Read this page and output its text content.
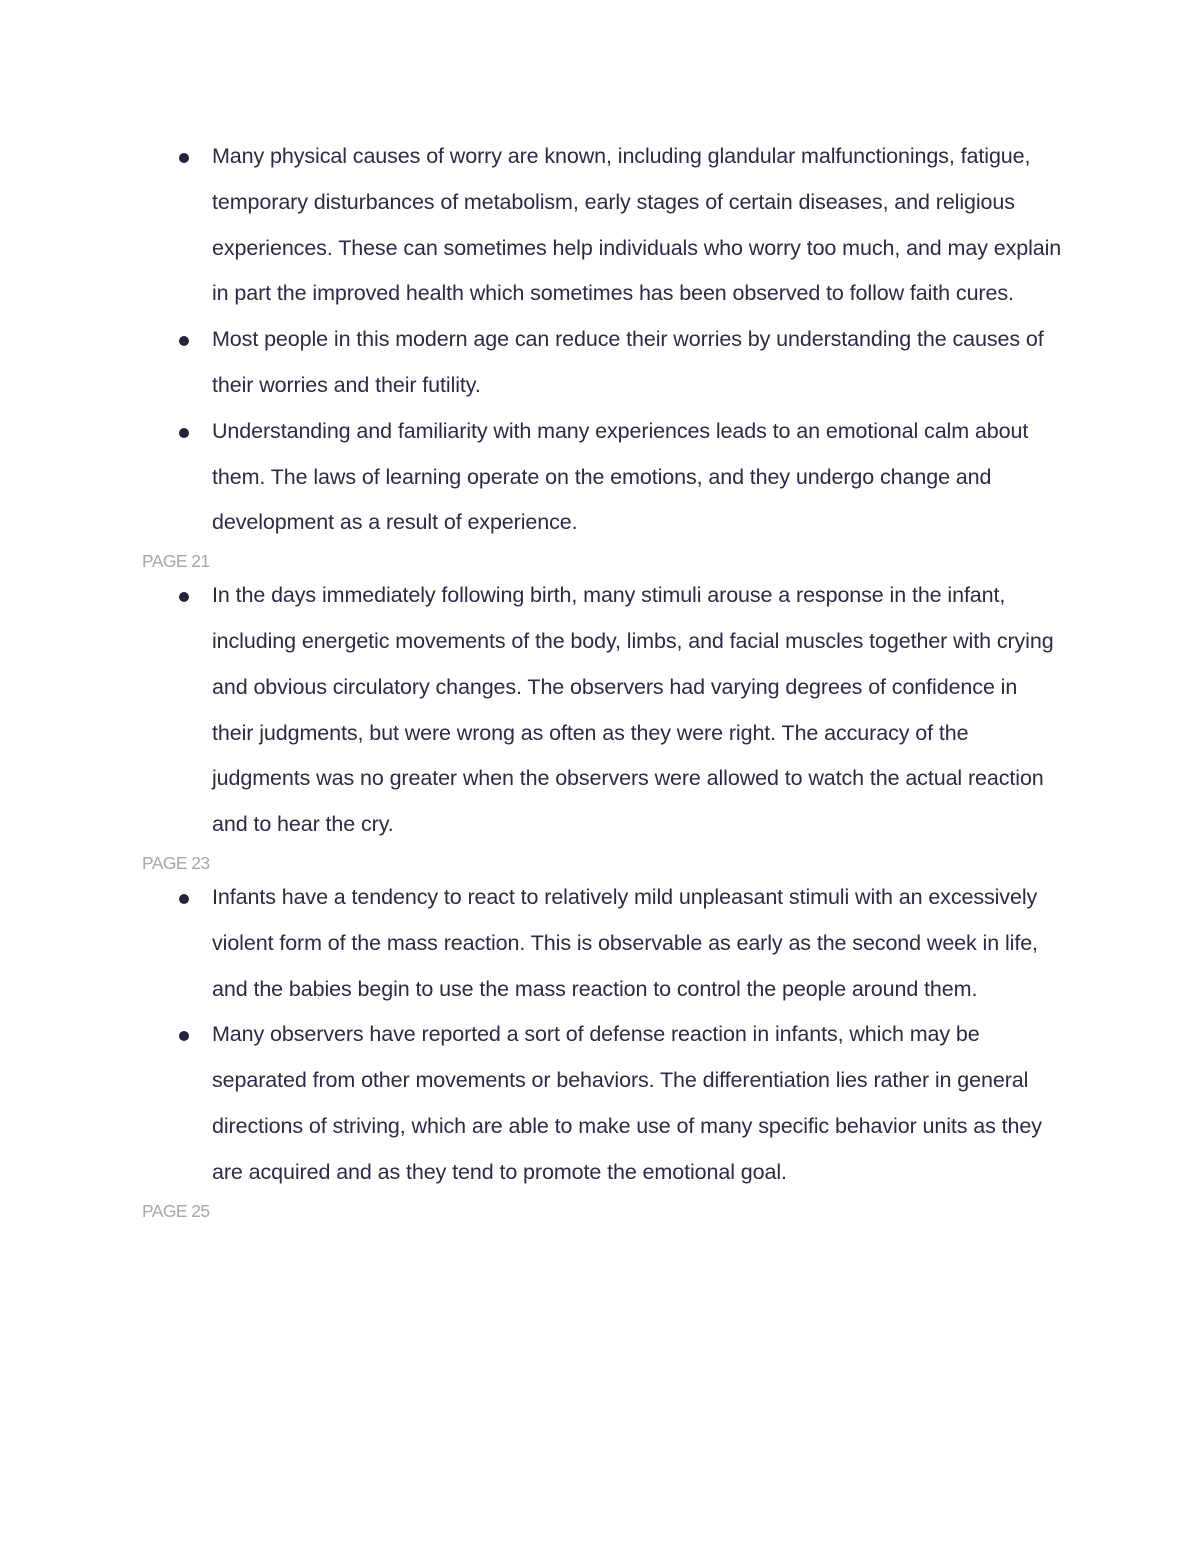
Many physical causes of worry are known, including glandular malfunctionings, fatigue, temporary disturbances of metabolism, early stages of certain diseases, and religious experiences. These can sometimes help individuals who worry too much, and may explain in part the improved health which sometimes has been observed to follow faith cures.
Most people in this modern age can reduce their worries by understanding the causes of their worries and their futility.
Understanding and familiarity with many experiences leads to an emotional calm about them. The laws of learning operate on the emotions, and they undergo change and development as a result of experience.

PAGE 21

In the days immediately following birth, many stimuli arouse a response in the infant, including energetic movements of the body, limbs, and facial muscles together with crying and obvious circulatory changes. The observers had varying degrees of confidence in their judgments, but were wrong as often as they were right. The accuracy of the judgments was no greater when the observers were allowed to watch the actual reaction and to hear the cry.

PAGE 23

Infants have a tendency to react to relatively mild unpleasant stimuli with an excessively violent form of the mass reaction. This is observable as early as the second week in life, and the babies begin to use the mass reaction to control the people around them.
Many observers have reported a sort of defense reaction in infants, which may be separated from other movements or behaviors. The differentiation lies rather in general directions of striving, which are able to make use of many specific behavior units as they are acquired and as they tend to promote the emotional goal.

PAGE 25
